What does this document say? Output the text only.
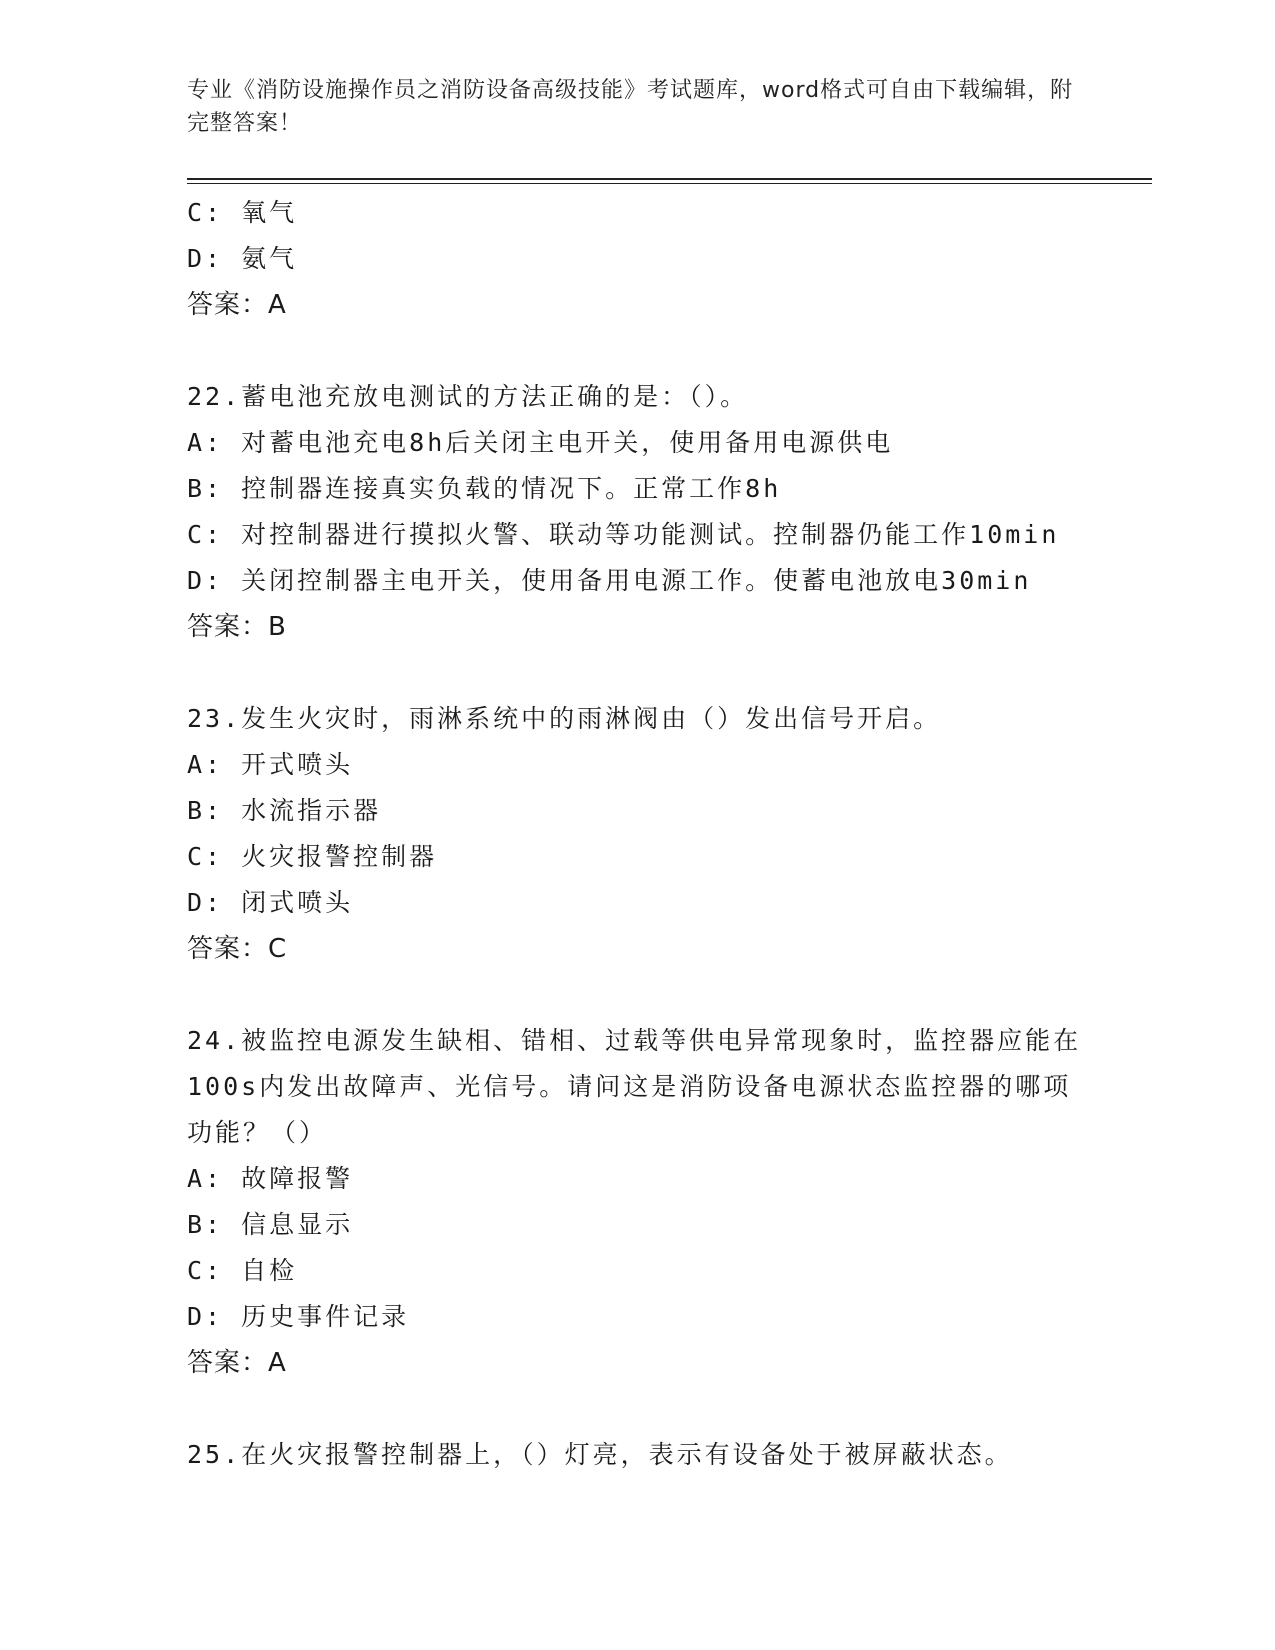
专业《消防设施操作员之消防设备高级技能》考试题库，word格式可自由下载编辑，附完整答案！
C: 氧气
D: 氨气
答案：A
22.蓄电池充放电测试的方法正确的是：（）。
A: 对蓄电池充电8h后关闭主电开关，使用备用电源供电
B: 控制器连接真实负载的情况下。正常工作8h
C: 对控制器进行摸拟火警、联动等功能测试。控制器仍能工作10min
D: 关闭控制器主电开关，使用备用电源工作。使蓄电池放电30min
答案：B
23.发生火灾时，雨淋系统中的雨淋阀由（）发出信号开启。
A: 开式喷头
B: 水流指示器
C: 火灾报警控制器
D: 闭式喷头
答案：C
24.被监控电源发生缺相、错相、过载等供电异常现象时，监控器应能在100s内发出故障声、光信号。请问这是消防设备电源状态监控器的哪项功能？（）
A: 故障报警
B: 信息显示
C: 自检
D: 历史事件记录
答案：A
25.在火灾报警控制器上，（）灯亮，表示有设备处于被屏蔽状态。
